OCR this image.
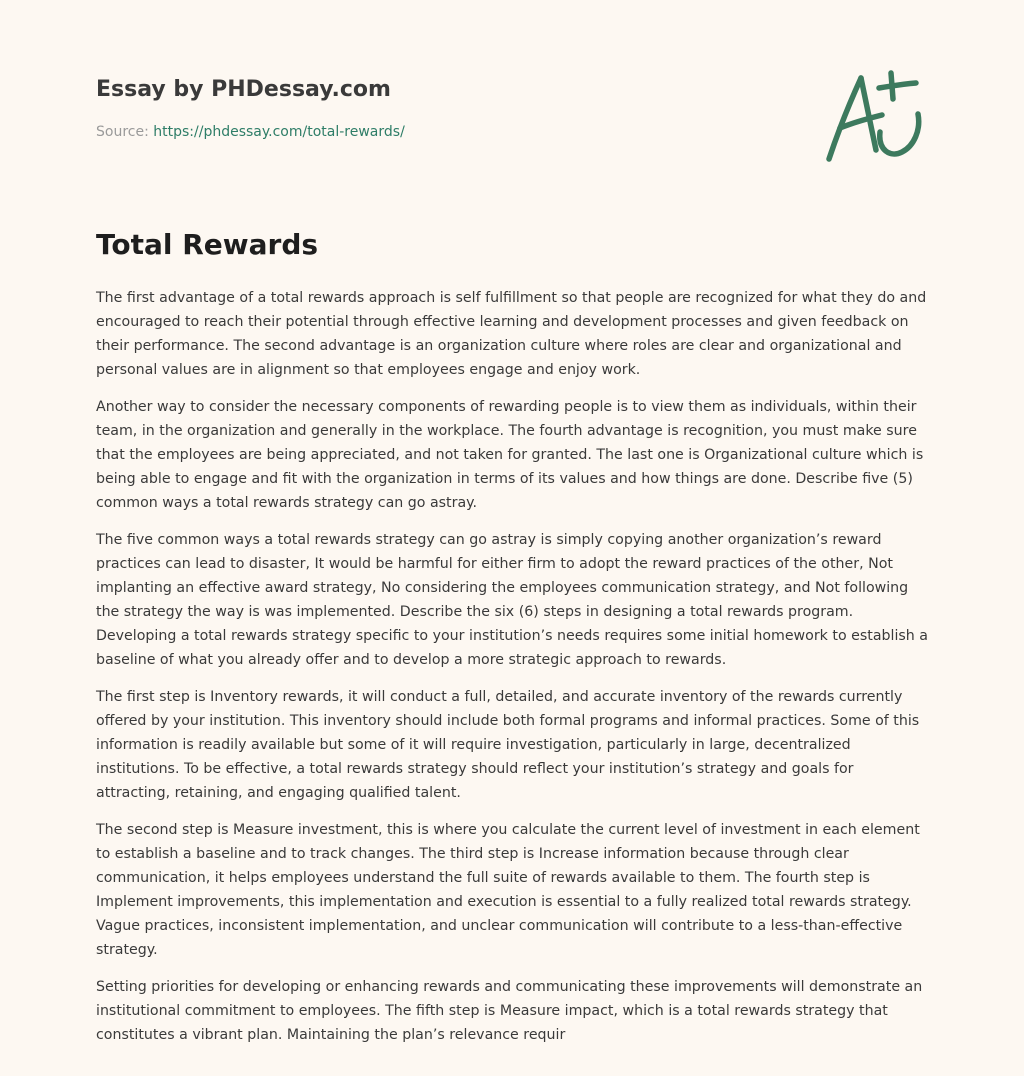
Essay by PHDessay.com
Source: https://phdessay.com/total-rewards/
Total Rewards

The first advantage of a total rewards approach is self fulfillment so that people are recognized for what they do and encouraged to reach their potential through effective learning and development processes and given feedback on their performance. The second advantage is an organization culture where roles are clear and organizational and personal values are in alignment so that employees engage and enjoy work.

Another way to consider the necessary components of rewarding people is to view them as individuals, within their team, in the organization and generally in the workplace. The fourth advantage is recognition, you must make sure that the employees are being appreciated, and not taken for granted. The last one is Organizational culture which is being able to engage and fit with the organization in terms of its values and how things are done. Describe five (5) common ways a total rewards strategy can go astray.

The five common ways a total rewards strategy can go astray is simply copying another organization’s reward practices can lead to disaster, It would be harmful for either firm to adopt the reward practices of the other, Not implanting an effective award strategy, No considering the employees communication strategy, and Not following the strategy the way is was implemented. Describe the six (6) steps in designing a total rewards program. Developing a total rewards strategy specific to your institution’s needs requires some initial homework to establish a baseline of what you already offer and to develop a more strategic approach to rewards.

The first step is Inventory rewards, it will conduct a full, detailed, and accurate inventory of the rewards currently offered by your institution. This inventory should include both formal programs and informal practices. Some of this information is readily available but some of it will require investigation, particularly in large, decentralized institutions. To be effective, a total rewards strategy should reflect your institution’s strategy and goals for attracting, retaining, and engaging qualified talent.

The second step is Measure investment, this is where you calculate the current level of investment in each element to establish a baseline and to track changes. The third step is Increase information because through clear communication, it helps employees understand the full suite of rewards available to them. The fourth step is Implement improvements, this implementation and execution is essential to a fully realized total rewards strategy. Vague practices, inconsistent implementation, and unclear communication will contribute to a less-than-effective strategy.

Setting priorities for developing or enhancing rewards and communicating these improvements will demonstrate an institutional commitment to employees. The fifth step is Measure impact, which is a total rewards strategy that constitutes a vibrant plan. Maintaining the plan’s relevance requir
